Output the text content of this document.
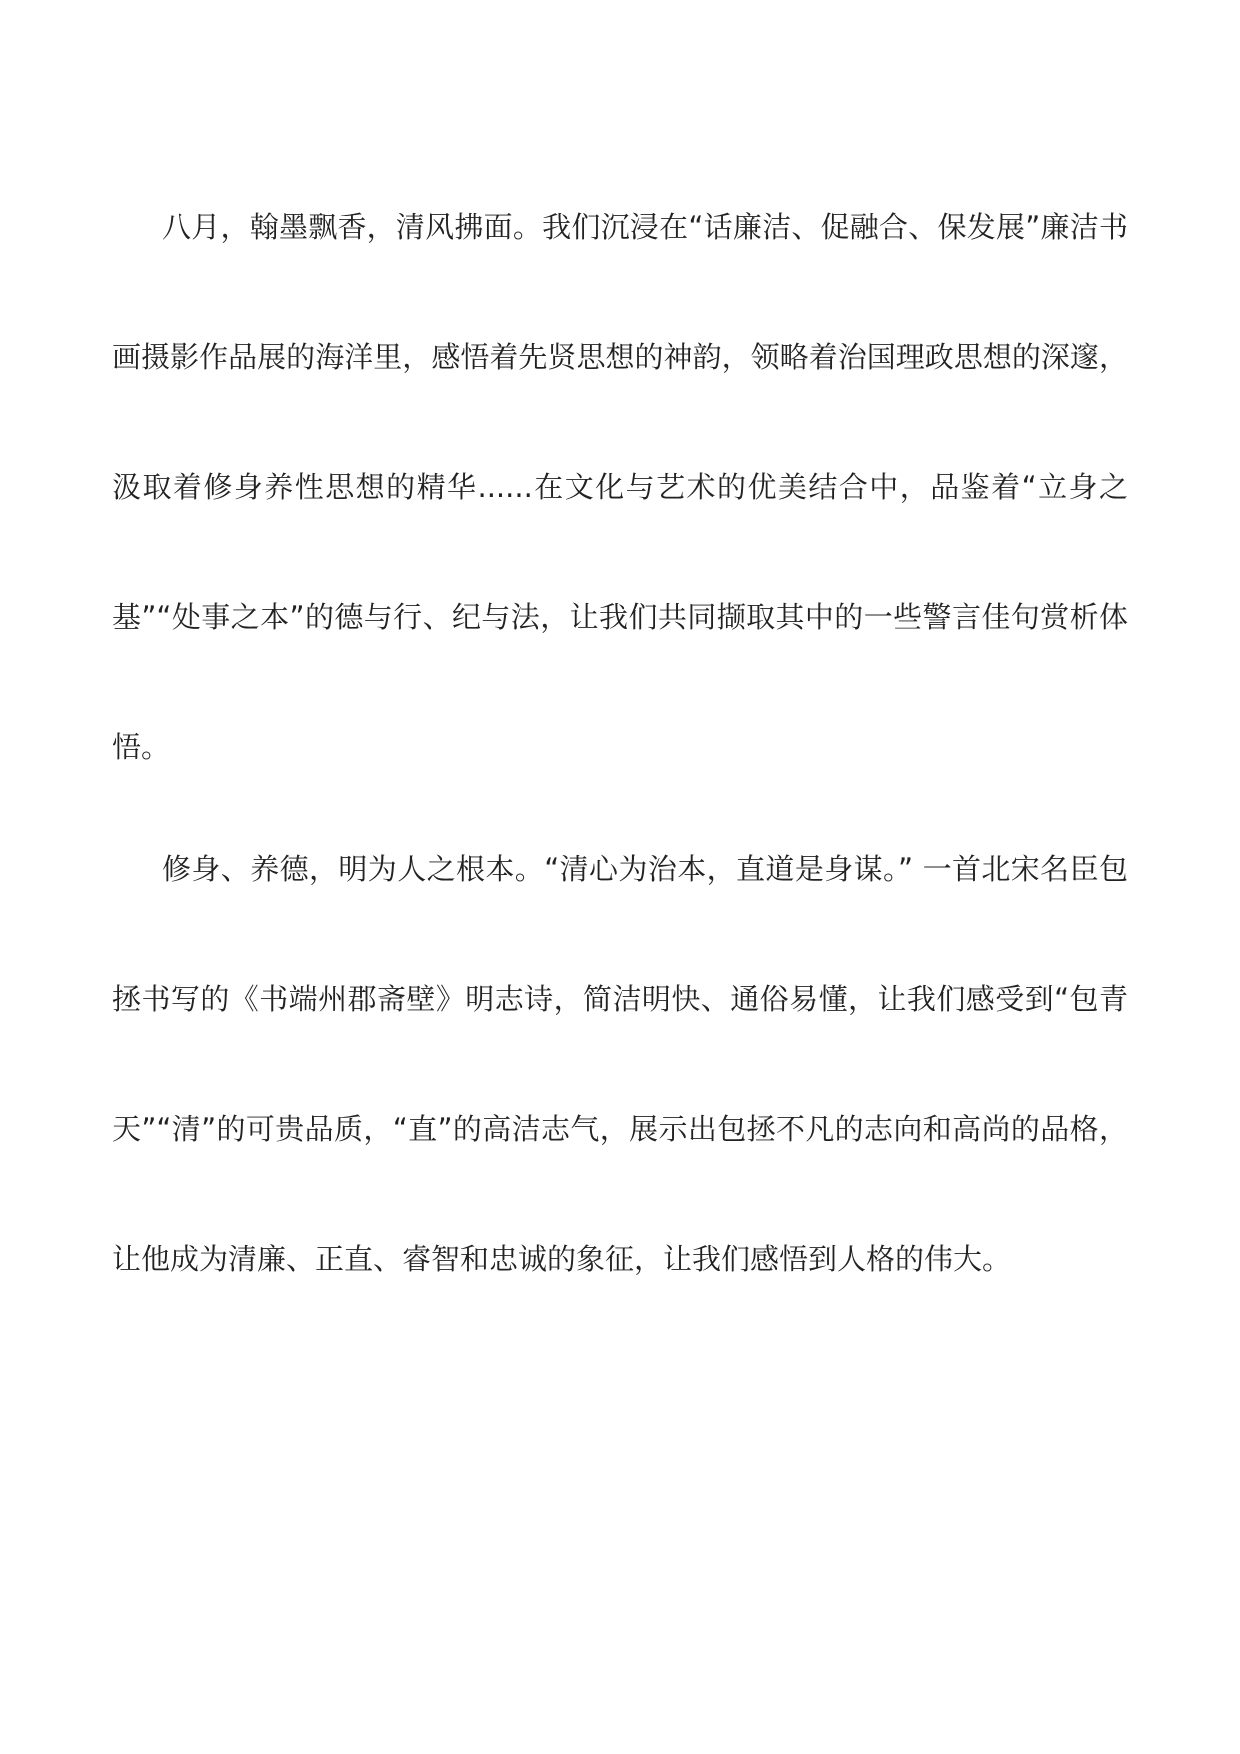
八月，翰墨飘香，清风拂面。我们沉浸在“话廉洁、促融合、保发展”廉洁书画摄影作品展的海洋里，感悟着先贤思想的神韵，领略着治国理政思想的深邃，汲取着修身养性思想的精华......在文化与艺术的优美结合中，品鉴着“立身之基”“处事之本”的德与行、纪与法，让我们共同撷取其中的一些警言佳句赏析体悟。

修身、养德，明为人之根本。“清心为治本，直道是身谋。” 一首北宋名臣包拯书写的《书端州郡斋壁》明志诗，简洁明快、通俗易懂，让我们感受到“包青天”“清”的可贵品质，“直”的高洁志气，展示出包拯不凡的志向和高尚的品格，让他成为清廉、正直、睿智和忠诚的象征，让我们感悟到人格的伟大。
